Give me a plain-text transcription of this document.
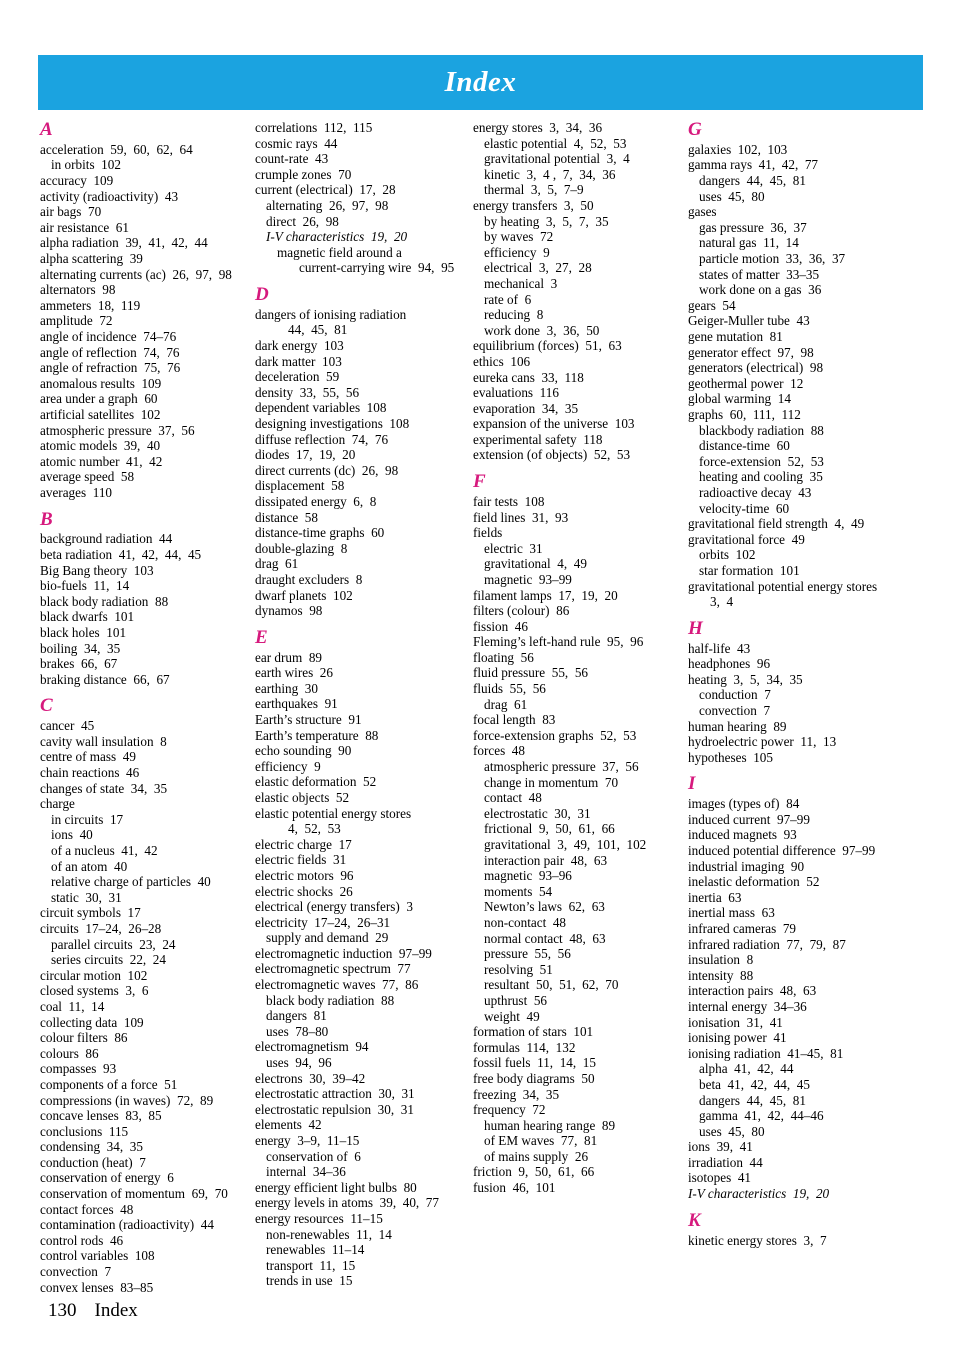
Index
A
acceleration  59,  60,  62,  64
in orbits  102
accuracy  109
activity (radioactivity)  43
air bags  70
air resistance  61
alpha radiation  39,  41,  42,  44
alpha scattering  39
alternating currents (ac)  26,  97,  98
alternators  98
ammeters  18,  119
amplitude  72
angle of incidence  74–76
angle of reflection  74,  76
angle of refraction  75,  76
anomalous results  109
area under a graph  60
artificial satellites  102
atmospheric pressure  37,  56
atomic models  39,  40
atomic number  41,  42
average speed  58
averages  110
B
background radiation  44
beta radiation  41,  42,  44,  45
Big Bang theory  103
bio-fuels  11,  14
black body radiation  88
black dwarfs  101
black holes  101
boiling  34,  35
brakes  66,  67
braking distance  66,  67
C
cancer  45
cavity wall insulation  8
centre of mass  49
chain reactions  46
changes of state  34,  35
charge
in circuits  17
ions  40
of a nucleus  41,  42
of an atom  40
relative charge of particles  40
static  30,  31
circuit symbols  17
circuits  17–24,  26–28
parallel circuits  23,  24
series circuits  22,  24
circular motion  102
closed systems  3,  6
coal  11,  14
collecting data  109
colour filters  86
colours  86
compasses  93
components of a force  51
compressions (in waves)  72,  89
concave lenses  83,  85
conclusions  115
condensing  34,  35
conduction (heat)  7
conservation of energy  6
conservation of momentum  69,  70
contact forces  48
contamination (radioactivity)  44
control rods  46
control variables  108
convection  7
convex lenses  83–85
correlations  112,  115
cosmic rays  44
count-rate  43
crumple zones  70
current (electrical)  17,  28
alternating  26,  97,  98
direct  26,  98
I-V characteristics  19,  20
magnetic field around a
current-carrying wire  94,  95
D
dangers of ionising radiation
44,  45,  81
dark energy  103
dark matter  103
deceleration  59
density  33,  55,  56
dependent variables  108
designing investigations  108
diffuse reflection  74,  76
diodes  17,  19,  20
direct currents (dc)  26,  98
displacement  58
dissipated energy  6,  8
distance  58
distance-time graphs  60
double-glazing  8
drag  61
draught excluders  8
dwarf planets  102
dynamos  98
E
ear drum  89
earth wires  26
earthing  30
earthquakes  91
Earth’s structure  91
Earth’s temperature  88
echo sounding  90
efficiency  9
elastic deformation  52
elastic objects  52
elastic potential energy stores
4,  52,  53
electric charge  17
electric fields  31
electric motors  96
electric shocks  26
electrical (energy transfers)  3
electricity  17–24,  26–31
supply and demand  29
electromagnetic induction  97–99
electromagnetic spectrum  77
electromagnetic waves  77,  86
black body radiation  88
dangers  81
uses  78–80
electromagnetism  94
uses  94,  96
electrons  30,  39–42
electrostatic attraction  30,  31
electrostatic repulsion  30,  31
elements  42
energy  3–9,  11–15
conservation of  6
internal  34–36
energy efficient light bulbs  80
energy levels in atoms  39,  40,  77
energy resources  11–15
non-renewables  11,  14
renewables  11–14
transport  11,  15
trends in use  15
energy stores  3,  34,  36
elastic potential  4,  52,  53
gravitational potential  3,  4
kinetic  3,  4 ,  7,  34,  36
thermal  3,  5,  7–9
energy transfers  3,  50
by heating  3,  5,  7,  35
by waves  72
efficiency  9
electrical  3,  27,  28
mechanical  3
rate of  6
reducing  8
work done  3,  36,  50
equilibrium (forces)  51,  63
ethics  106
eureka cans  33,  118
evaluations  116
evaporation  34,  35
expansion of the universe  103
experimental safety  118
extension (of objects)  52,  53
F
fair tests  108
field lines  31,  93
fields
electric  31
gravitational  4,  49
magnetic  93–99
filament lamps  17,  19,  20
filters (colour)  86
fission  46
Fleming’s left-hand rule  95,  96
floating  56
fluid pressure  55,  56
fluids  55,  56
drag  61
focal length  83
force-extension graphs  52,  53
forces  48
atmospheric pressure  37,  56
change in momentum  70
contact  48
electrostatic  30,  31
frictional  9,  50,  61,  66
gravitational  3,  49,  101,  102
interaction pair  48,  63
magnetic  93–96
moments  54
Newton’s laws  62,  63
non-contact  48
normal contact  48,  63
pressure  55,  56
resolving  51
resultant  50,  51,  62,  70
upthrust  56
weight  49
formation of stars  101
formulas  114,  132
fossil fuels  11,  14,  15
free body diagrams  50
freezing  34,  35
frequency  72
human hearing range  89
of EM waves  77,  81
of mains supply  26
friction  9,  50,  61,  66
fusion  46,  101
G
galaxies  102,  103
gamma rays  41,  42,  77
dangers  44,  45,  81
uses  45,  80
gases
gas pressure  36,  37
natural gas  11,  14
particle motion  33,  36,  37
states of matter  33–35
work done on a gas  36
gears  54
Geiger-Muller tube  43
gene mutation  81
generator effect  97,  98
generators (electrical)  98
geothermal power  12
global warming  14
graphs  60,  111,  112
blackbody radiation  88
distance-time  60
force-extension  52,  53
heating and cooling  35
radioactive decay  43
velocity-time  60
gravitational field strength  4,  49
gravitational force  49
orbits  102
star formation  101
gravitational potential energy stores
3,  4
H
half-life  43
headphones  96
heating  3,  5,  34,  35
conduction  7
convection  7
human hearing  89
hydroelectric power  11,  13
hypotheses  105
I
images (types of)  84
induced current  97–99
induced magnets  93
induced potential difference  97–99
industrial imaging  90
inelastic deformation  52
inertia  63
inertial mass  63
infrared cameras  79
infrared radiation  77,  79,  87
insulation  8
intensity  88
interaction pairs  48,  63
internal energy  34–36
ionisation  31,  41
ionising power  41
ionising radiation  41–45,  81
alpha  41,  42,  44
beta  41,  42,  44,  45
dangers  44,  45,  81
gamma  41,  42,  44–46
uses  45,  80
ions  39,  41
irradiation  44
isotopes  41
I-V characteristics  19,  20
K
kinetic energy stores  3,  7
130 Index
